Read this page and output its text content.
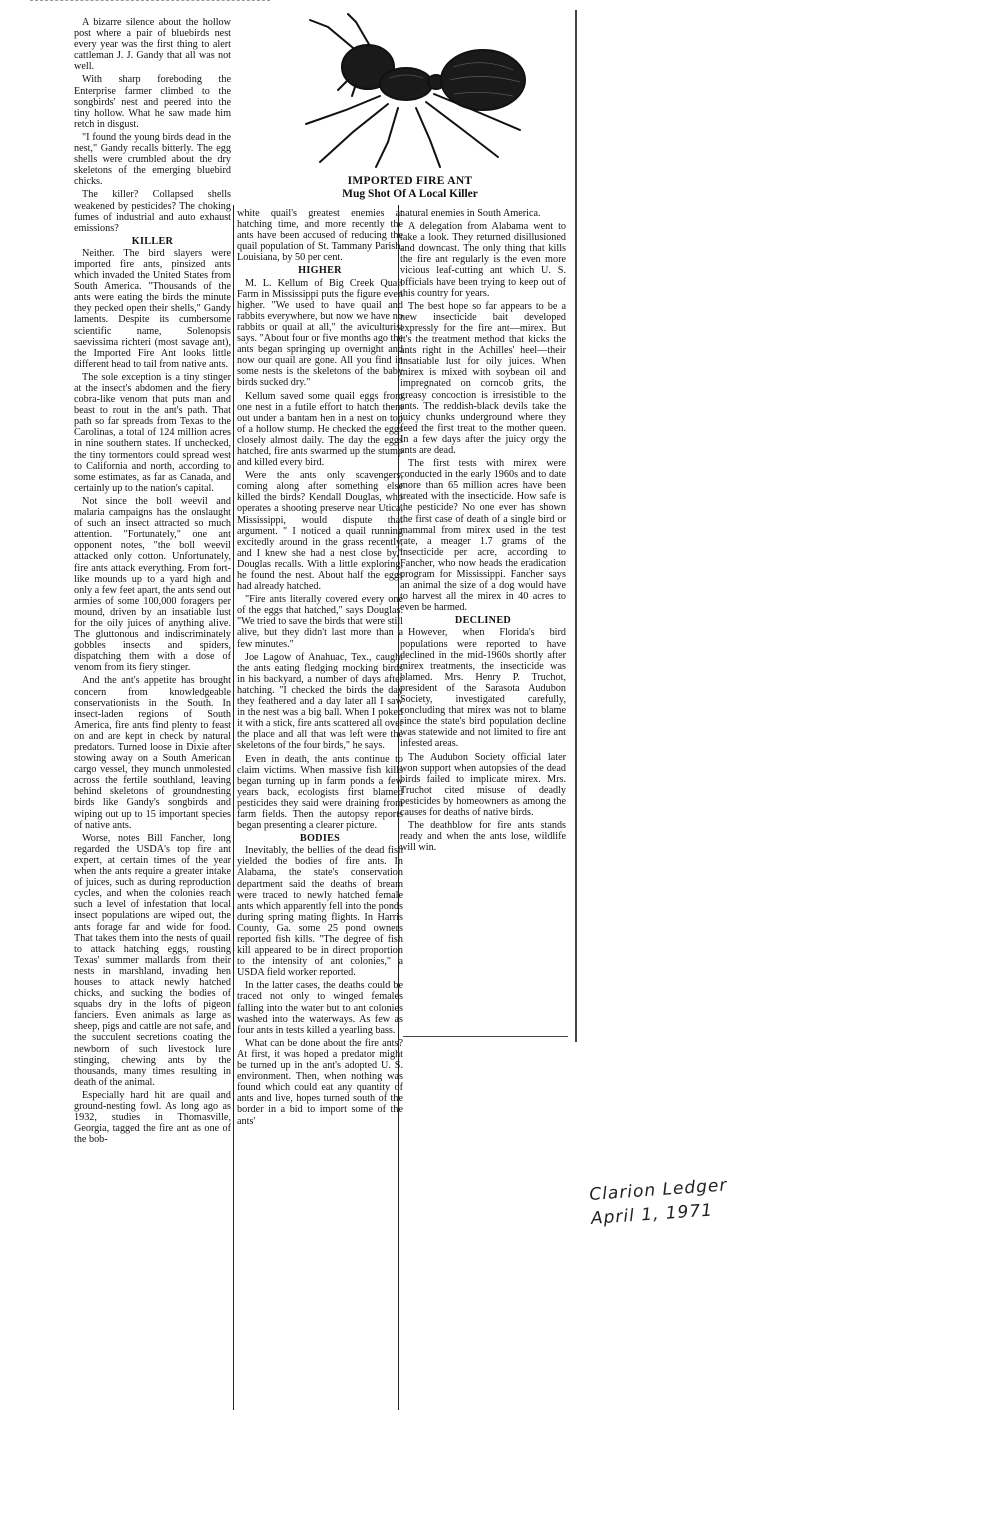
IMPORTED FIRE ANT
Mug Shot Of A Local Killer

A bizarre silence about the hollow post where a pair of bluebirds nest every year was the first thing to alert cattleman J. J. Gandy that all was not well.

With sharp foreboding the Enterprise farmer climbed to the songbirds' nest and peered into the tiny hollow. What he saw made him retch in disgust.

"I found the young birds dead in the nest," Gandy recalls bitterly. The egg shells were crumbled about the dry skeletons of the emerging bluebird chicks.

The killer? Collapsed shells weakened by pesticides? The choking fumes of industrial and auto exhaust emissions?

KILLER

Neither. The bird slayers were imported fire ants, pinsized ants which invaded the United States from South America. "Thousands of the ants were eating the birds the minute they pecked open their shells," Gandy laments. Despite its cumbersome scientific name, Solenopsis saevissima richteri (most savage ant), the Imported Fire Ant looks little different head to tail from native ants.

The sole exception is a tiny stinger at the insect's abdomen and the fiery cobra-like venom that puts man and beast to rout in the ant's path. That path so far spreads from Texas to the Carolinas, a total of 124 million acres in nine southern states. If unchecked, the tiny tormentors could spread west to California and north, according to some estimates, as far as Canada, and certainly up to the nation's capital.

Not since the boll weevil and malaria campaigns has the onslaught of such an insect attracted so much attention. "Fortunately," one ant opponent notes, "the boll weevil attacked only cotton. Unfortunately, fire ants attack everything. From fort-like mounds up to a yard high and only a few feet apart, the ants send out armies of some 100,000 foragers per mound, driven by an insatiable lust for the oily juices of anything alive. The gluttonous and indiscriminately gobbles insects and spiders, dispatching them with a dose of venom from its fiery stinger.

And the ant's appetite has brought concern from knowledgeable conservationists in the South. In insect-laden regions of South America, fire ants find plenty to feast on and are kept in check by natural predators. Turned loose in Dixie after stowing away on a South American cargo vessel, they munch unmolested across the fertile southland, leaving behind skeletons of groundnesting birds like Gandy's songbirds and wiping out up to 15 important species of native ants.

Worse, notes Bill Fancher, long regarded the USDA's top fire ant expert, at certain times of the year when the ants require a greater intake of juices, such as during reproduction cycles, and when the colonies reach such a level of infestation that local insect populations are wiped out, the ants forage far and wide for food. That takes them into the nests of quail to attack hatching eggs, rousting Texas' summer mallards from their nests in marshland, invading hen houses to attack newly hatched chicks, and sucking the bodies of squabs dry in the lofts of pigeon fanciers. Even animals as large as sheep, pigs and cattle are not safe, and the succulent secretions coating the newborn of such livestock lure stinging, chewing ants by the thousands, many times resulting in death of the animal.

Especially hard hit are quail and ground-nesting fowl. As long ago as 1932, studies in Thomasville, Georgia, tagged the fire ant as one of the bob-

white quail's greatest enemies at hatching time, and more recently the ants have been accused of reducing the quail population of St. Tammany Parish, Louisiana, by 50 per cent.

HIGHER

M. L. Kellum of Big Creek Quail Farm in Mississippi puts the figure even higher. "We used to have quail and rabbits everywhere, but now we have no rabbits or quail at all," the aviculturist says. "About four or five months ago the ants began springing up overnight and now our quail are gone. All you find in some nests is the skeletons of the baby birds sucked dry."

Kellum saved some quail eggs from one nest in a futile effort to hatch them out under a bantam hen in a nest on top of a hollow stump. He checked the eggs closely almost daily. The day the eggs hatched, fire ants swarmed up the stump and killed every bird.

Were the ants only scavengers, coming along after something else killed the birds? Kendall Douglas, who operates a shooting preserve near Utica, Mississippi, would dispute that argument. " I noticed a quail running excitedly around in the grass recently, and I knew she had a nest close by," Douglas recalls. With a little exploring, he found the nest. About half the eggs had already hatched.

"Fire ants literally covered every one of the eggs that hatched," says Douglas. "We tried to save the birds that were still alive, but they didn't last more than a few minutes."

Joe Lagow of Anahuac, Tex., caught the ants eating fledging mocking birds in his backyard, a number of days after hatching. "I checked the birds the day they feathered and a day later all I saw in the nest was a big ball. When I poked it with a stick, fire ants scattered all over the place and all that was left were the skeletons of the four birds," he says.

Even in death, the ants continue to claim victims. When massive fish kills began turning up in farm ponds a few years back, ecologists first blamed pesticides they said were draining from farm fields. Then the autopsy reports began presenting a clearer picture.

BODIES

Inevitably, the bellies of the dead fish yielded the bodies of fire ants. In Alabama, the state's conservation department said the deaths of bream were traced to newly hatched female ants which apparently fell into the ponds during spring mating flights. In Harris County, Ga. some 25 pond owners reported fish kills. "The degree of fish kill appeared to be in direct proportion to the intensity of ant colonies," a USDA field worker reported.

In the latter cases, the deaths could be traced not only to winged females falling into the water but to ant colonies washed into the waterways. As few as four ants in tests killed a yearling bass.

What can be done about the fire ants? At first, it was hoped a predator might be turned up in the ant's adopted U. S. environment. Then, when nothing was found which could eat any quantity of ants and live, hopes turned south of the border in a bid to import some of the ants'

natural enemies in South America.

A delegation from Alabama went to take a look. They returned disillusioned and downcast. The only thing that kills the fire ant regularly is the even more vicious leaf-cutting ant which U. S. officials have been trying to keep out of this country for years.

The best hope so far appears to be a new insecticide bait developed expressly for the fire ant—mirex. But it's the treatment method that kicks the ants right in the Achilles' heel—their insatiable lust for oily juices. When mirex is mixed with soybean oil and impregnated on corncob grits, the greasy concoction is irresistible to the ants. The reddish-black devils take the juicy chunks underground where they feed the first treat to the mother queen. In a few days after the juicy orgy the ants are dead.

The first tests with mirex were conducted in the early 1960s and to date more than 65 million acres have been treated with the insecticide. How safe is the pesticide? No one ever has shown the first case of death of a single bird or mammal from mirex used in the test rate, a meager 1.7 grams of the insecticide per acre, according to Fancher, who now heads the eradication program for Mississippi. Fancher says an animal the size of a dog would have to harvest all the mirex in 40 acres to even be harmed.

DECLINED

However, when Florida's bird populations were reported to have declined in the mid-1960s shortly after mirex treatments, the insecticide was blamed. Mrs. Henry P. Truchot, president of the Sarasota Audubon Society, investigated carefully, concluding that mirex was not to blame since the state's bird population decline was statewide and not limited to fire ant infested areas.

The Audubon Society official later won support when autopsies of the dead birds failed to implicate mirex. Mrs. Truchot cited misuse of deadly pesticides by homeowners as among the causes for deaths of native birds.

The deathblow for fire ants stands ready and when the ants lose, wildlife will win.

Clarion Ledger
April 1, 1971
